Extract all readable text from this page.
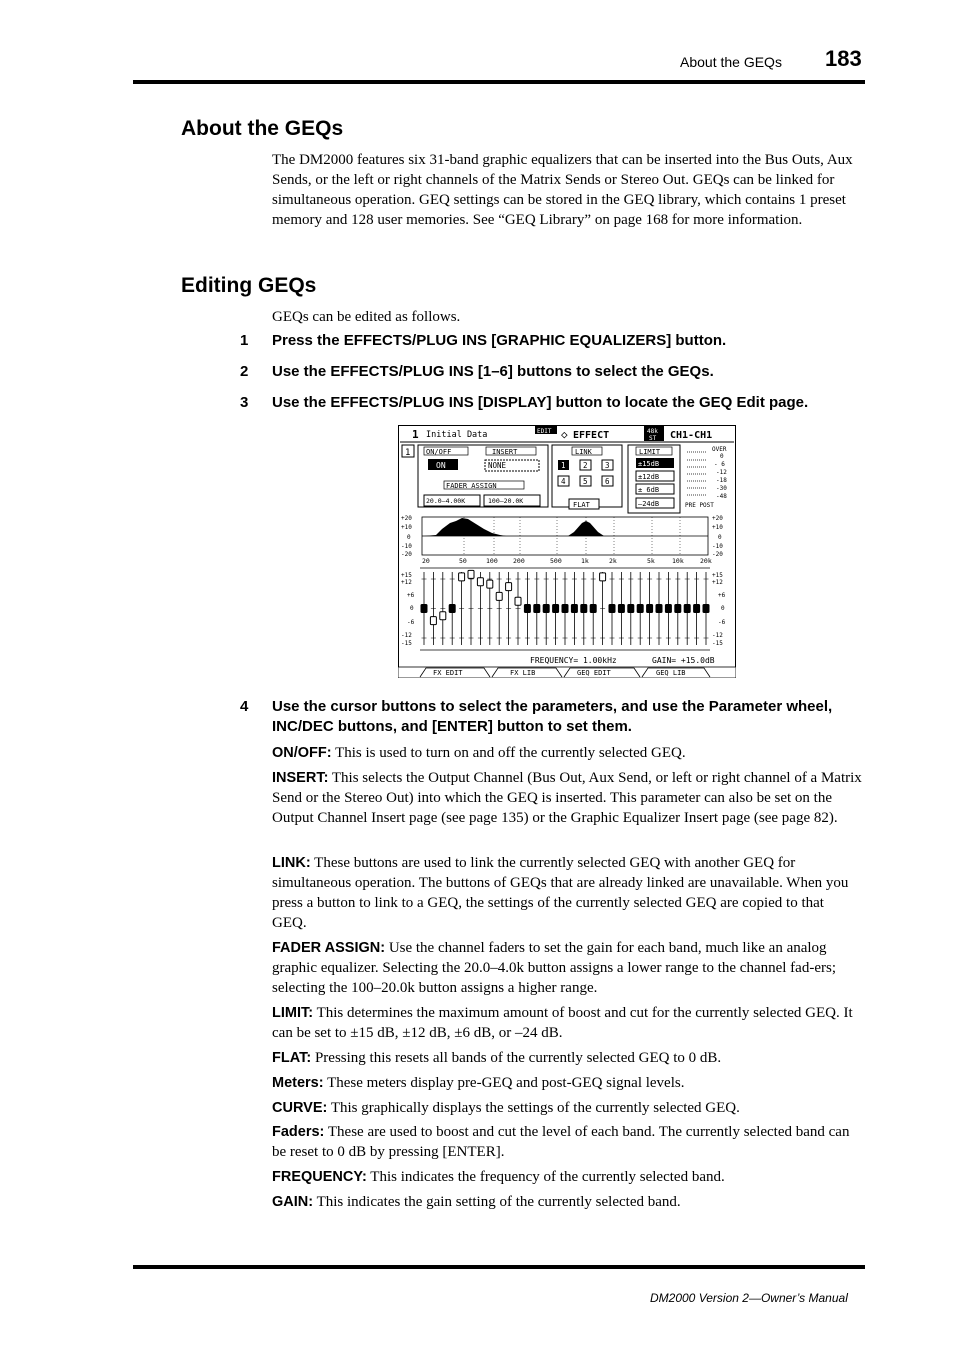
About the GEQs 183
About the GEQs

The DM2000 features six 31-band graphic equalizers that can be inserted into the Bus Outs, Aux Sends, or the left or right channels of the Matrix Sends or Stereo Out. GEQs can be linked for simultaneous operation. GEQ settings can be stored in the GEQ library, which contains 1 preset memory and 128 user memories. See “GEQ Library” on page 168 for more information.

Editing GEQs

GEQs can be edited as follows.

1	Press the EFFECTS/PLUG INS [GRAPHIC EQUALIZERS] button.
2	Use the EFFECTS/PLUG INS [1–6] buttons to select the GEQs.
3	Use the EFFECTS/PLUG INS [DISPLAY] button to locate the GEQ Edit page.
1 Initial Data	EDIT ◇ EFFECT	48k
ST CH1-CH1
1 ON/OFF
ON
INSERT
NONE
FADER ASSIGN
20.0–4.00K	100–20.0K
LINK
1 2 3
4 5 6
FLAT
LIMIT
±15dB
±12dB
± 6dB
–24dB
OVER
0
- 6
-12
-18
-30
-48
PRE POST
+20
+10
0
-10
-20
+20
+10
0
-10
-20
20	50	100 200	500	1k	2k	5k	10k	20k
+15
+12
+6
0
-6
-12
-15
+15
+12
+6
0
-6
-12
-15
FREQUENCY= 1.00kHz	GAIN= +15.0dB
FX EDIT	FX LIB	GEQ EDIT	GEQ LIB
4	Use the cursor buttons to select the parameters, and use the Parameter wheel, INC/DEC buttons, and [ENTER] button to set them.

ON/OFF: This is used to turn on and off the currently selected GEQ.

INSERT: This selects the Output Channel (Bus Out, Aux Send, or left or right channel of a Matrix Send or the Stereo Out) into which the GEQ is inserted. This parameter can also be set on the Output Channel Insert page (see page 135) or the Graphic Equalizer Insert page (see page 82).

LINK: These buttons are used to link the currently selected GEQ with another GEQ for simultaneous operation. The buttons of GEQs that are already linked are unavailable. When you press a button to link to a GEQ, the settings of the currently selected GEQ are copied to that GEQ.

FADER ASSIGN: Use the channel faders to set the gain for each band, much like an analog graphic equalizer. Selecting the 20.0–4.0k button assigns a lower range to the channel fad-ers; selecting the 100–20.0k button assigns a higher range.

LIMIT: This determines the maximum amount of boost and cut for the currently selected GEQ. It can be set to ±15 dB, ±12 dB, ±6 dB, or –24 dB.

FLAT: Pressing this resets all bands of the currently selected GEQ to 0 dB.

Meters: These meters display pre-GEQ and post-GEQ signal levels.

CURVE: This graphically displays the settings of the currently selected GEQ.

Faders: These are used to boost and cut the level of each band. The currently selected band can be reset to 0 dB by pressing [ENTER].

FREQUENCY: This indicates the frequency of the currently selected band.

GAIN: This indicates the gain setting of the currently selected band.

DM2000 Version 2—Owner’s Manual
